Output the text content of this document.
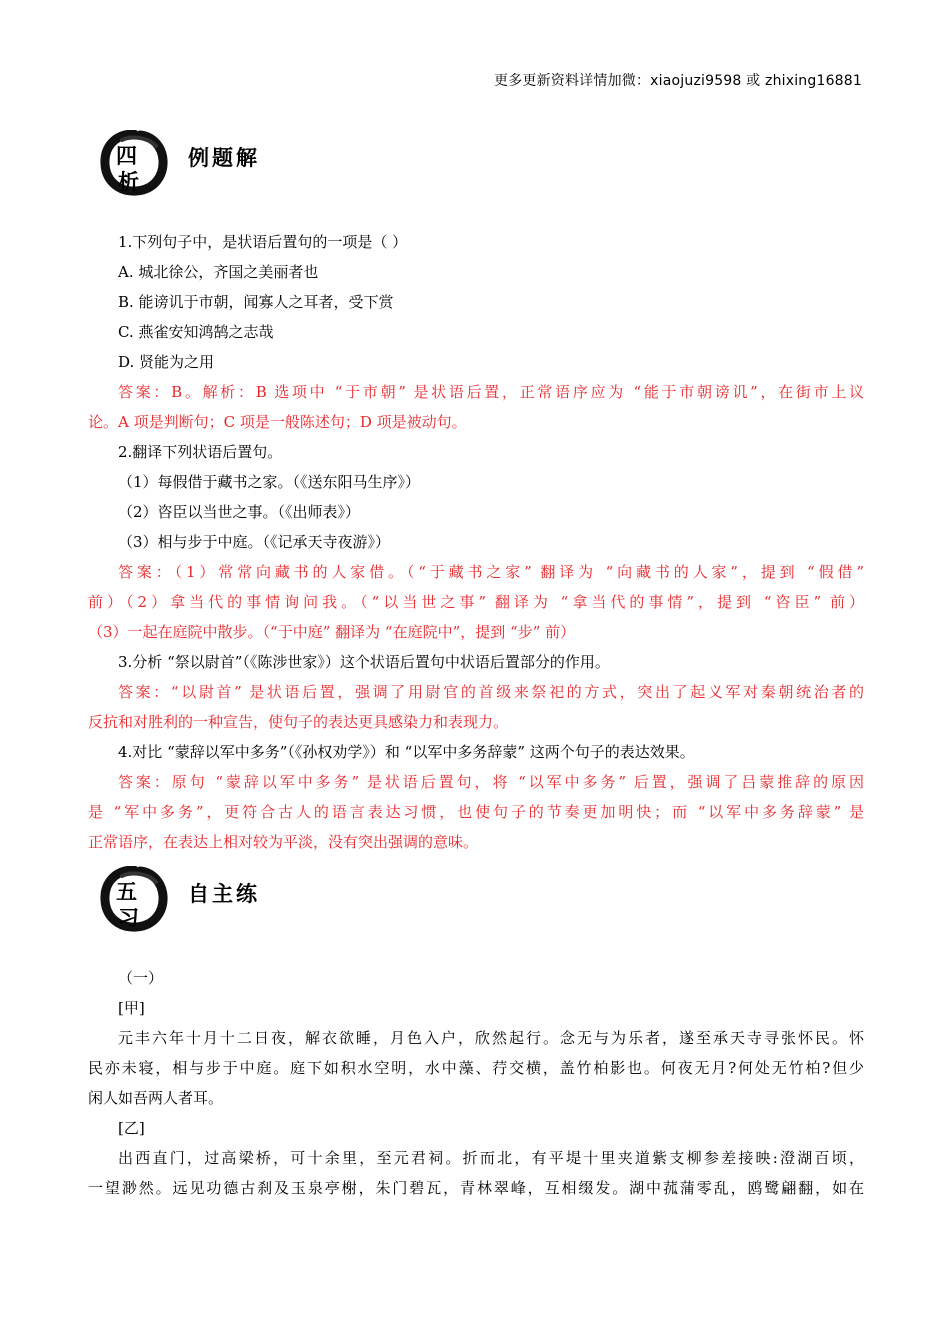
更多更新资料详情加微：xiaojuzi9598 或 zhixing16881
四
析
例题解
1.下列句子中，是状语后置句的一项是（ ）
A. 城北徐公，齐国之美丽者也
B. 能谤讥于市朝，闻寡人之耳者，受下赏
C. 燕雀安知鸿鹄之志哉
D. 贤能为之用
答案：B。解析：B 选项中 “于市朝” 是状语后置，正常语序应为 “能于市朝谤讥”，在街市上议
论。A 项是判断句；C 项是一般陈述句；D 项是被动句。
2.翻译下列状语后置句。
（1）每假借于藏书之家。（《送东阳马生序》）
（2）咨臣以当世之事。（《出师表》）
（3）相与步于中庭。（《记承天寺夜游》）
答案：（1）常常向藏书的人家借。（“于藏书之家” 翻译为 “向藏书的人家”，提到 “假借”
前）（2）拿当代的事情询问我。（“以当世之事” 翻译为 “拿当代的事情”，提到 “咨臣” 前）
（3）一起在庭院中散步。（“于中庭” 翻译为 “在庭院中”，提到 “步” 前）
3.分析 “祭以尉首”（《陈涉世家》）这个状语后置句中状语后置部分的作用。
答案：“以尉首” 是状语后置，强调了用尉官的首级来祭祀的方式，突出了起义军对秦朝统治者的
反抗和对胜利的一种宣告，使句子的表达更具感染力和表现力。
4.对比 “蒙辞以军中多务”（《孙权劝学》）和 “以军中多务辞蒙” 这两个句子的表达效果。
答案：原句 “蒙辞以军中多务” 是状语后置句，将 “以军中多务” 后置，强调了吕蒙推辞的原因
是 “军中多务”，更符合古人的语言表达习惯，也使句子的节奏更加明快；而 “以军中多务辞蒙” 是
正常语序，在表达上相对较为平淡，没有突出强调的意味。
五
习
自主练
（一）
[甲]
元丰六年十月十二日夜，解衣欲睡，月色入户，欣然起行。念无与为乐者，遂至承天寺寻张怀民。怀
民亦未寝，相与步于中庭。庭下如积水空明，水中藻、荇交横，盖竹柏影也。何夜无月?何处无竹柏?但少
闲人如吾两人者耳。
[乙]
出西直门，过高梁桥，可十余里，至元君祠。折而北，有平堤十里夹道紫支柳参差接映:澄湖百顷，
一望渺然。远见功德古刹及玉泉亭榭，朱门碧瓦，青林翠峰，互相缀发。湖中菰蒲零乱，鸥鹭翩翻，如在
